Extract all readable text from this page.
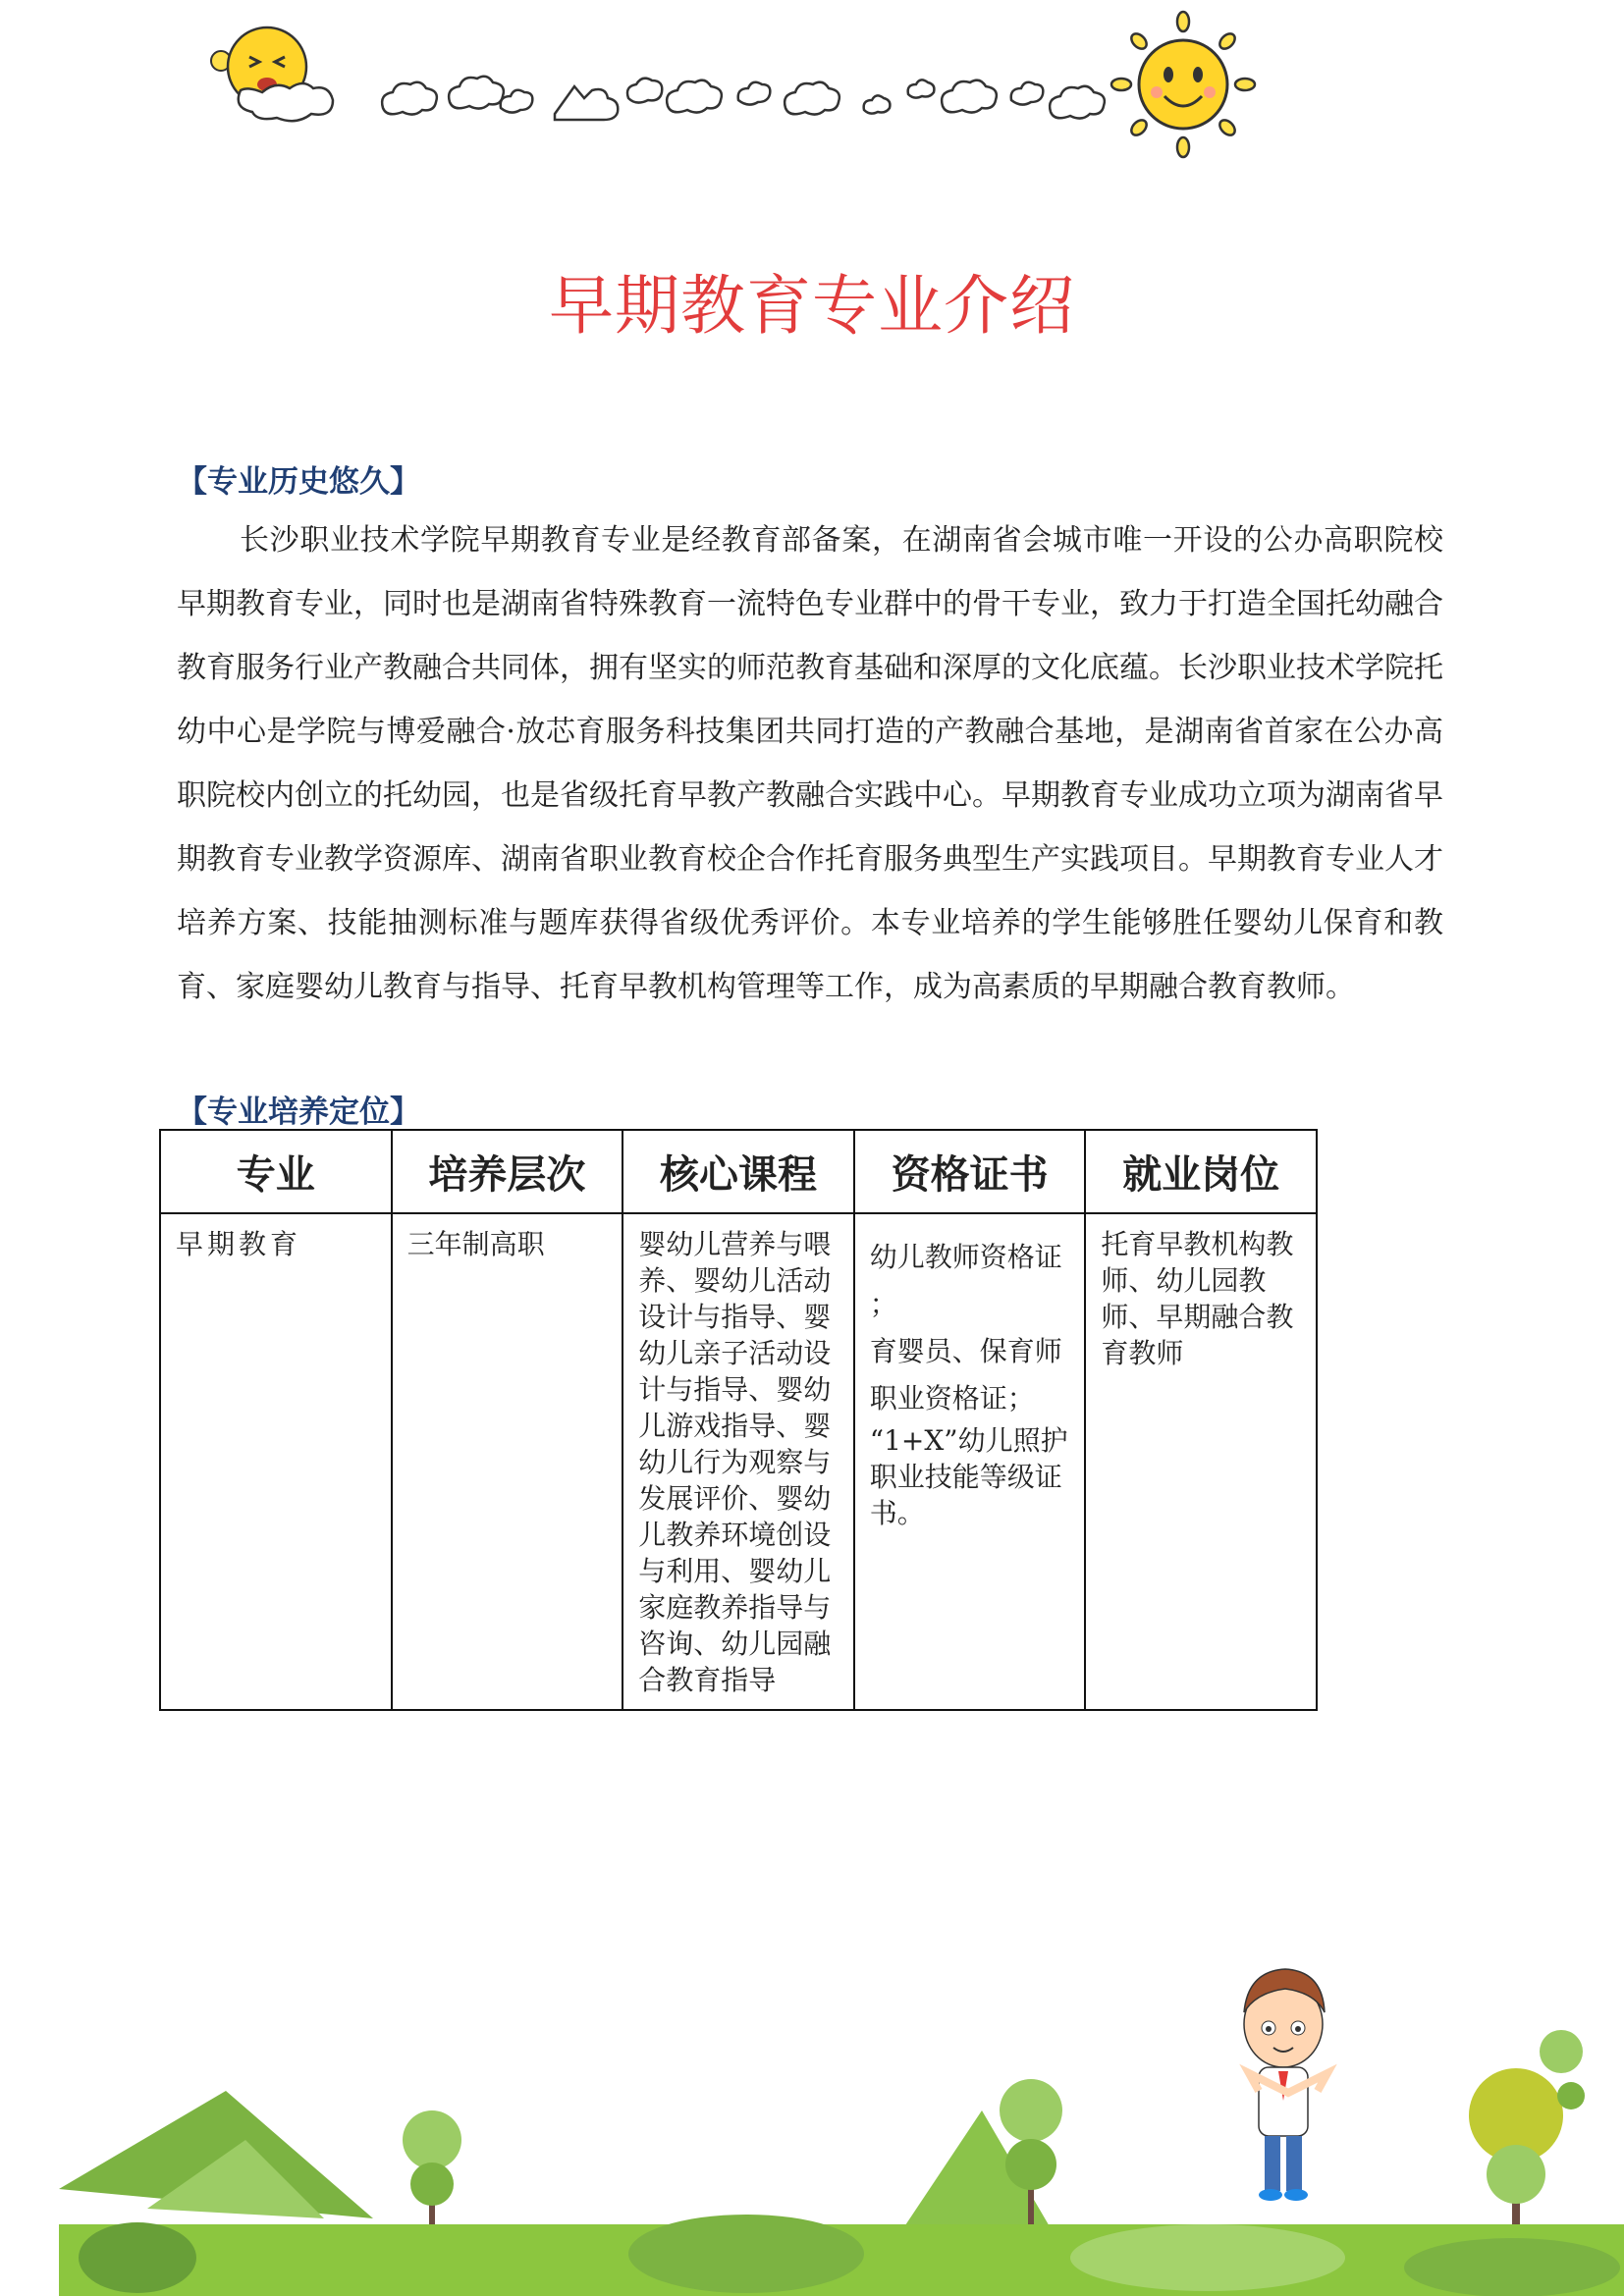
早期教育专业介绍
【专业历史悠久】

长沙职业技术学院早期教育专业是经教育部备案，在湖南省会城市唯一开设的公办高职院校早期教育专业，同时也是湖南省特殊教育一流特色专业群中的骨干专业，致力于打造全国托幼融合教育服务行业产教融合共同体，拥有坚实的师范教育基础和深厚的文化底蕴。长沙职业技术学院托幼中心是学院与博爱融合·放芯育服务科技集团共同打造的产教融合基地，是湖南省首家在公办高职院校内创立的托幼园，也是省级托育早教产教融合实践中心。早期教育专业成功立项为湖南省早期教育专业教学资源库、湖南省职业教育校企合作托育服务典型生产实践项目。早期教育专业人才培养方案、技能抽测标准与题库获得省级优秀评价。本专业培养的学生能够胜任婴幼儿保育和教育、家庭婴幼儿教育与指导、托育早教机构管理等工作，成为高素质的早期融合教育教师。

【专业培养定位】
专业	培养层次	核心课程	资格证书	就业岗位
早期教育	三年制高职	婴幼儿营养与喂养、婴幼儿活动设计与指导、婴幼儿亲子活动设计与指导、婴幼儿游戏指导、婴幼儿行为观察与发展评价、婴幼儿教养环境创设与利用、婴幼儿家庭教养指导与咨询、幼儿园融合教育指导	幼儿教师资格证
；
育婴员、保育师
职业资格证；
“1+X”幼儿照护职业技能等级证书。	托育早教机构教师、幼儿园教师、早期融合教育教师
